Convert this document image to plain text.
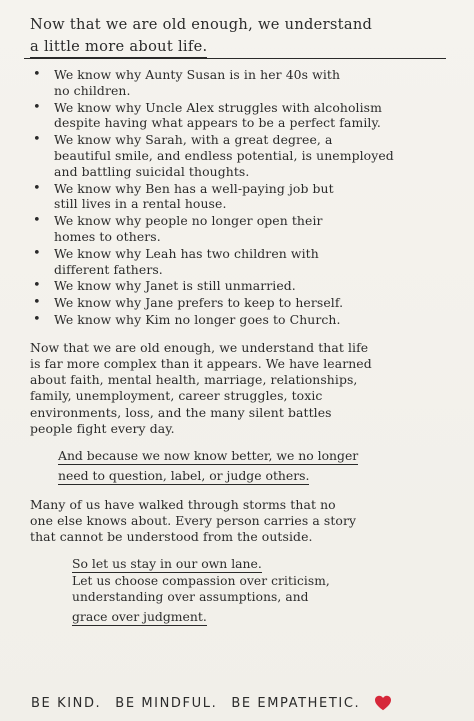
Now that we are old enough, we understand
a little more about life.
• We know why Aunty Susan is in her 40s with
no children.
• We know why Uncle Alex struggles with alcoholism
despite having what appears to be a perfect family.
• We know why Sarah, with a great degree, a
beautiful smile, and endless potential, is unemployed
and battling suicidal thoughts.
• We know why Ben has a well-paying job but
still lives in a rental house.
• We know why people no longer open their
homes to others.
• We know why Leah has two children with
different fathers.
• We know why Janet is still unmarried.
• We know why Jane prefers to keep to herself.
• We know why Kim no longer goes to Church.
Now that we are old enough, we understand that life
is far more complex than it appears. We have learned
about faith, mental health, marriage, relationships,
family, unemployment, career struggles, toxic
environments, loss, and the many silent battles
people fight every day.
And because we now know better, we no longer
need to question, label, or judge others.
Many of us have walked through storms that no
one else knows about. Every person carries a story
that cannot be understood from the outside.
So let us stay in our own lane.
Let us choose compassion over criticism,
understanding over assumptions, and
grace over judgment.
BE KIND. BE MINDFUL. BE EMPATHETIC.
